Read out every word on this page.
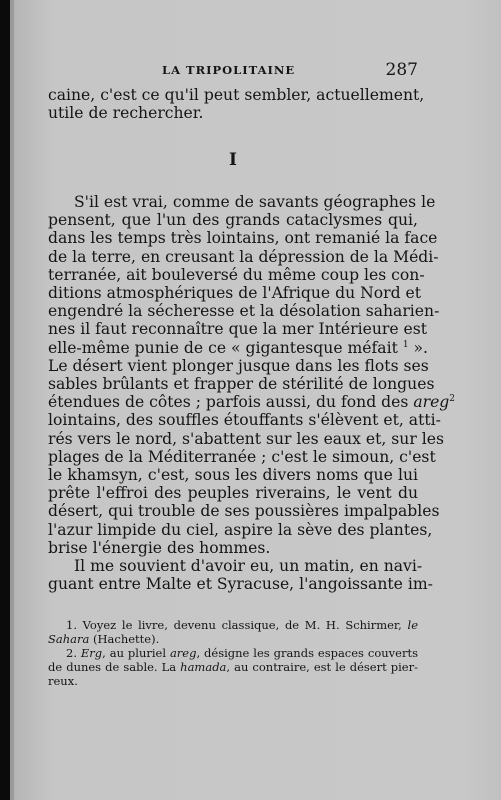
LA TRIPOLITAINE	287
caine, c'est ce qu'il peut sembler, actuellement,
utile de rechercher.
I
S'il est vrai, comme de savants géographes le
pensent, que l'un des grands cataclysmes qui,
dans les temps très lointains, ont remanié la face
de la terre, en creusant la dépression de la Médi-
terranée, ait bouleversé du même coup les con-
ditions atmosphériques de l'Afrique du Nord et
engendré la sécheresse et la désolation saharien-
nes il faut reconnaître que la mer Intérieure est
elle-même punie de ce « gigantesque méfait $^1$ ».
Le désert vient plonger jusque dans les flots ses
sables brûlants et frapper de stérilité de longues
étendues de côtes ; parfois aussi, du fond des areg$^2$
lointains, des souffles étouffants s'élèvent et, atti-
rés vers le nord, s'abattent sur les eaux et, sur les
plages de la Méditerranée ; c'est le simoun, c'est
le khamsyn, c'est, sous les divers noms que lui
prête l'effroi des peuples riverains, le vent du
désert, qui trouble de ses poussières impalpables
l'azur limpide du ciel, aspire la sève des plantes,
brise l'énergie des hommes.
Il me souvient d'avoir eu, un matin, en navi-
guant entre Malte et Syracuse, l'angoissante im-
1. Voyez le livre, devenu classique, de M. H. Schirmer, le
Sahara (Hachette).
2. Erg, au pluriel areg, désigne les grands espaces couverts
de dunes de sable. La hamada, au contraire, est le désert pier-
reux.
